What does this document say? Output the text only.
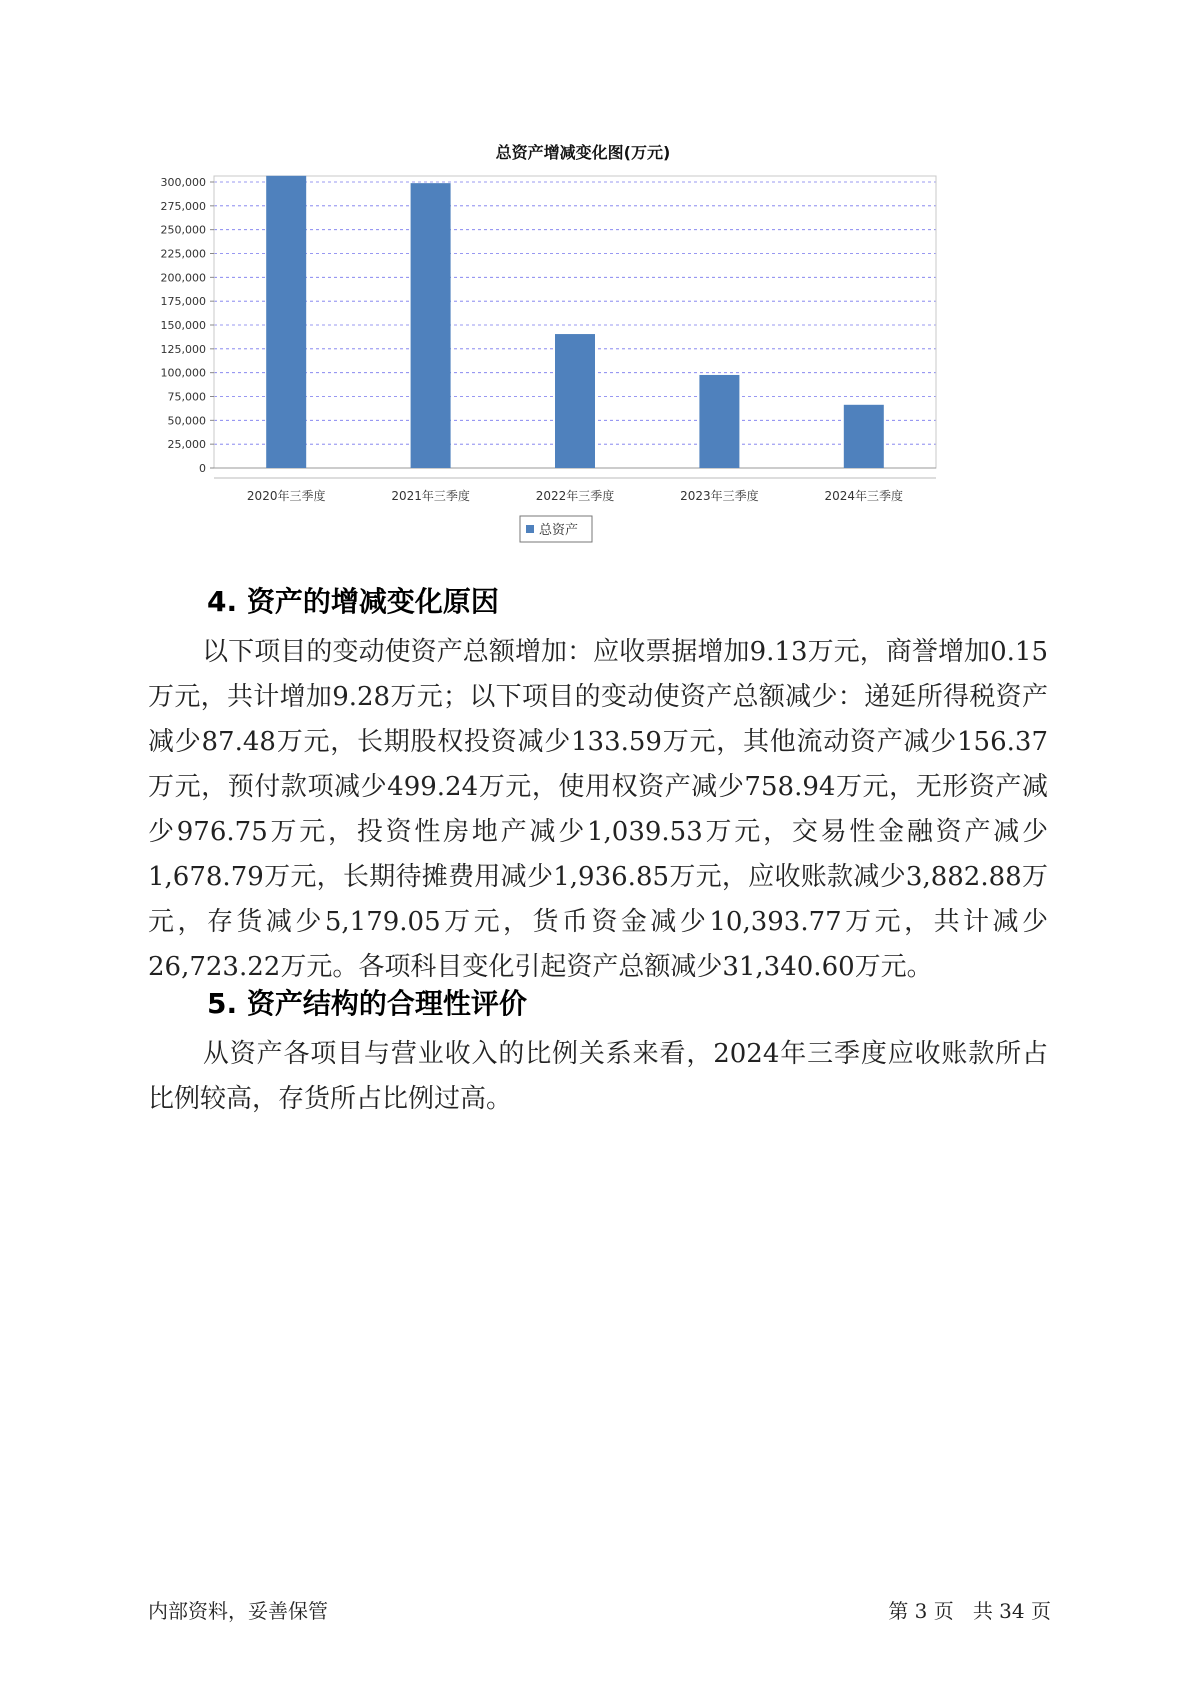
总资产增减变化图(万元)
0
25,000
50,000
75,000
100,000
125,000
150,000
175,000
200,000
225,000
250,000
275,000
300,000
2020年三季度	2021年三季度	2022年三季度	2023年三季度	2024年三季度
总资产
4. 资产的增减变化原因

以下项目的变动使资产总额增加：应收票据增加9.13万元，商誉增加0.15万元，共计增加9.28万元；以下项目的变动使资产总额减少：递延所得税资产减少87.48万元，长期股权投资减少133.59万元，其他流动资产减少156.37万元，预付款项减少499.24万元，使用权资产减少758.94万元，无形资产减少976.75万元，投资性房地产减少1,039.53万元，交易性金融资产减少1,678.79万元，长期待摊费用减少1,936.85万元，应收账款减少3,882.88万元，存货减少5,179.05万元，货币资金减少10,393.77万元，共计减少26,723.22万元。各项科目变化引起资产总额减少31,340.60万元。

5. 资产结构的合理性评价

从资产各项目与营业收入的比例关系来看，2024年三季度应收账款所占比例较高，存货所占比例过高。

内部资料，妥善保管	第 3 页   共 34 页
